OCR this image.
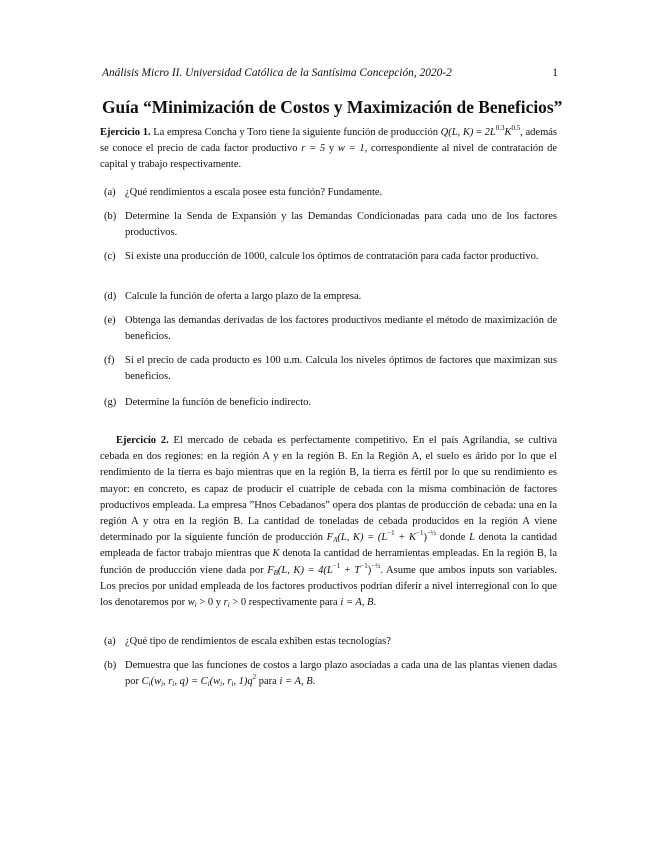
Análisis Micro II. Universidad Católica de la Santísima Concepción, 2020-2	1
Guía “Minimización de Costos y Maximización de Beneficios”
Ejercicio 1. La empresa Concha y Toro tiene la siguiente función de producción Q(L, $K) = 2L^{0.3}K^{0.5}$, además se conoce el precio de cada factor productivo r = 5 y w = 1, correspondiente al nivel de contratación de capital y trabajo respectivamente.
(a) ¿Qué rendimientos a escala posee esta función? Fundamente.
(b) Determine la Senda de Expansión y las Demandas Condicionadas para cada uno de los factores productivos.
(c) Si existe una producción de 1000, calcule los óptimos de contratación para cada factor productivo.
(d) Calcule la función de oferta a largo plazo de la empresa.
(e) Obtenga las demandas derivadas de los factores productivos mediante el método de maximización de beneficios.
(f) Si el precio de cada producto es 100 u.m. Calcula los niveles óptimos de factores que maximizan sus beneficios.
(g) Determine la función de beneficio indirecto.
Ejercicio 2. El mercado de cebada es perfectamente competitivo. En el país Agrilandia, se cultiva cebada en dos regiones: en la región A y en la región B. En la Región A, el suelo es árido por lo que el rendimiento de la tierra es bajo mientras que en la región B, la tierra es fértil por lo que su rendimiento es mayor: en concreto, es capaz de producir el cuatriple de cebada con la misma combinación de factores productivos empleada. La empresa ”Hnos Cebadanos” opera dos plantas de producción de cebada: una en la región A y otra en la región B. La cantidad de toneladas de cebada producidos en la región A viene determinado por la siguiente función de producción $F_A(L$, $K) = (L^{-1} + K^{-1})^{-\frac{1}{2}}$ donde L denota la cantidad empleada de factor trabajo mientras que K denota la cantidad de herramientas empleadas. En la región B, la función de producción viene dada por $F_B(L$, $K) = 4(L^{-1} + T^{-1})^{-\frac{1}{2}}$. Asume que ambos inputs son variables. Los precios por unidad empleada de los factores productivos podrían diferir a nivel interregional con lo que los denotaremos por $w_i > 0$ y $r_i > 0$ respectivamente para i = A, B.
(a) ¿Qué tipo de rendimientos de escala exhiben estas tecnologías?
(b) Demuestra que las funciones de costos a largo plazo asociadas a cada una de las plantas vienen dadas por $C_i(w_i$, $r_i$, $q) = C_i(w_i$, $r_i$, $1)q^2$ para i = A, B.
